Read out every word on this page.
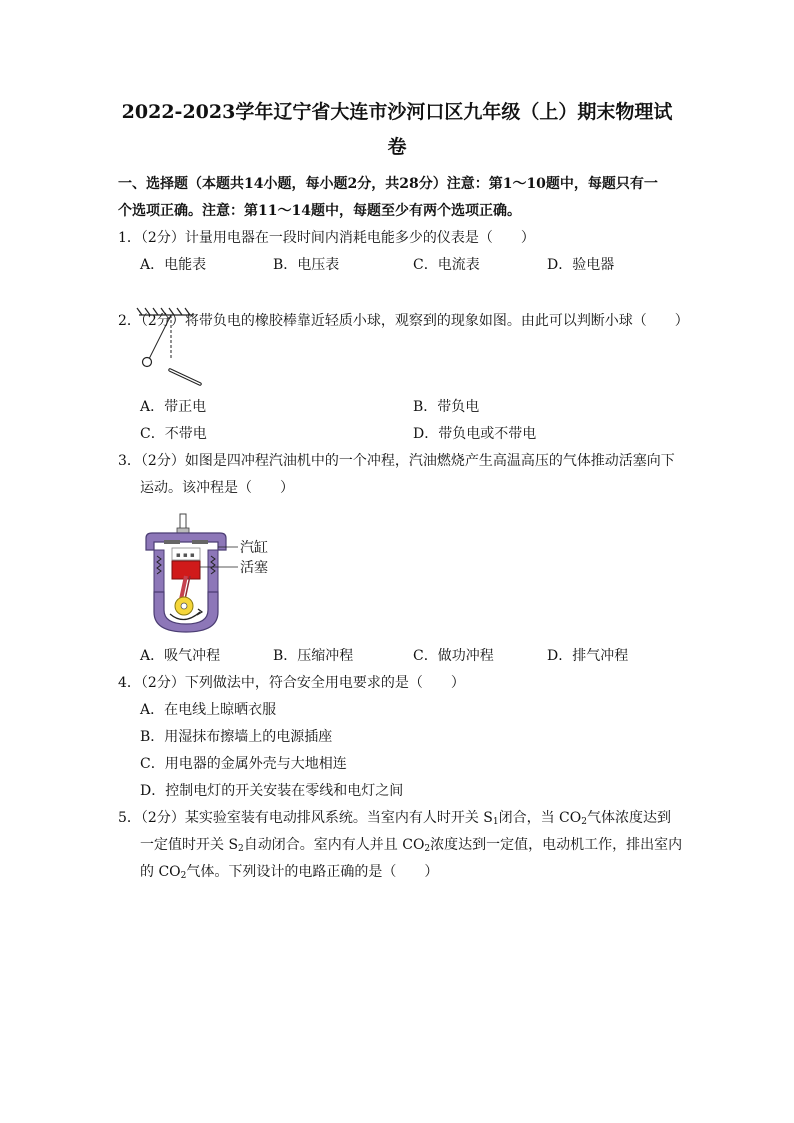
2022-2023学年辽宁省大连市沙河口区九年级（上）期末物理试
卷
一、选择题（本题共14小题，每小题2分，共28分）注意：第1～10题中，每题只有一
个选项正确。注意：第11～14题中，每题至少有两个选项正确。
1．（2分）计量用电器在一段时间内消耗电能多少的仪表是（　　）
A．电能表	B．电压表	C．电流表	D．验电器
2．（2分）将带负电的橡胶棒靠近轻质小球，观察到的现象如图。由此可以判断小球（　　）
A．带正电	B．带负电
C．不带电	D．带负电或不带电
3．（2分）如图是四冲程汽油机中的一个冲程，汽油燃烧产生高温高压的气体推动活塞向下
运动。该冲程是（　　）
▪ ▪ ▪	汽缸
活塞
A．吸气冲程	B．压缩冲程	C．做功冲程	D．排气冲程
4．（2分）下列做法中，符合安全用电要求的是（　　）
A．在电线上晾晒衣服
B．用湿抹布擦墙上的电源插座
C．用电器的金属外壳与大地相连
D．控制电灯的开关安装在零线和电灯之间
5．（2分）某实验室装有电动排风系统。当室内有人时开关 $S_1$闭合，当 $CO_2$气体浓度达到
一定值时开关 $S_2$自动闭合。室内有人并且 $CO_2$浓度达到一定值，电动机工作，排出室内
的 $CO_2$气体。下列设计的电路正确的是（　　）
